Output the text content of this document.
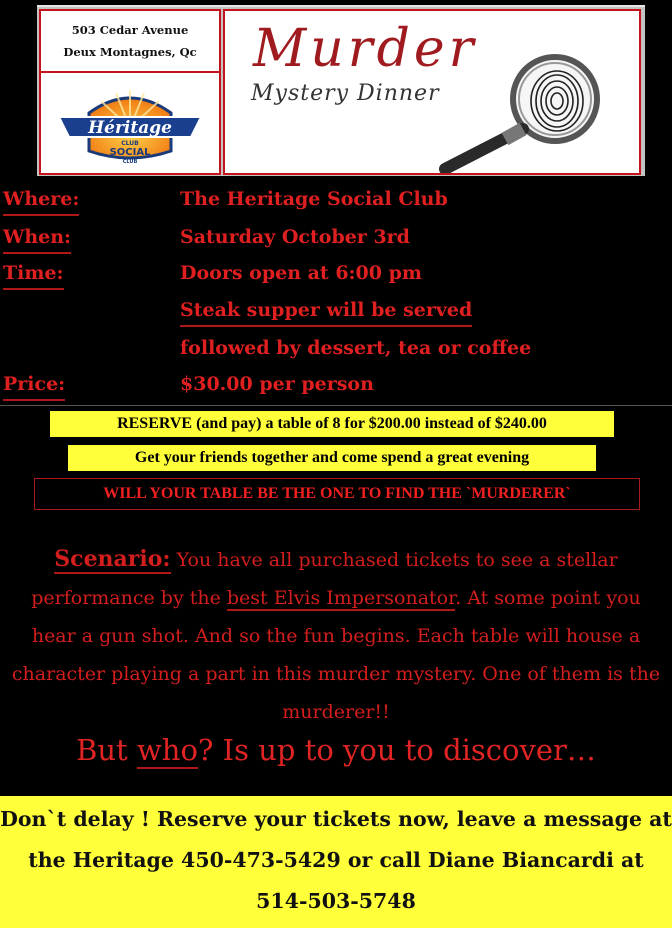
503 Cedar Avenue
Deux Montagnes, Qc
Héritage
CLUB
SOCIAL
CLUB
Murder
Mystery Dinner
Where:	The Heritage Social Club
When:	Saturday October 3rd
Time:	Doors open at 6:00 pm
Steak supper will be served
followed by dessert, tea or coffee
Price:	$30.00 per person
RESERVE (and pay) a table of 8 for $200.00 instead of $240.00
Get your friends together and come spend a great evening
WILL YOUR TABLE BE THE ONE TO FIND THE `MURDERER`
Scenario: You have all purchased tickets to see a stellar performance by the best Elvis Impersonator. At some point you hear a gun shot. And so the fun begins. Each table will house a character playing a part in this murder mystery. One of them is the murderer!!
But who? Is up to you to discover…
Don`t delay ! Reserve your tickets now, leave a message at
the Heritage 450-473-5429 or call Diane Biancardi at
514-503-5748
